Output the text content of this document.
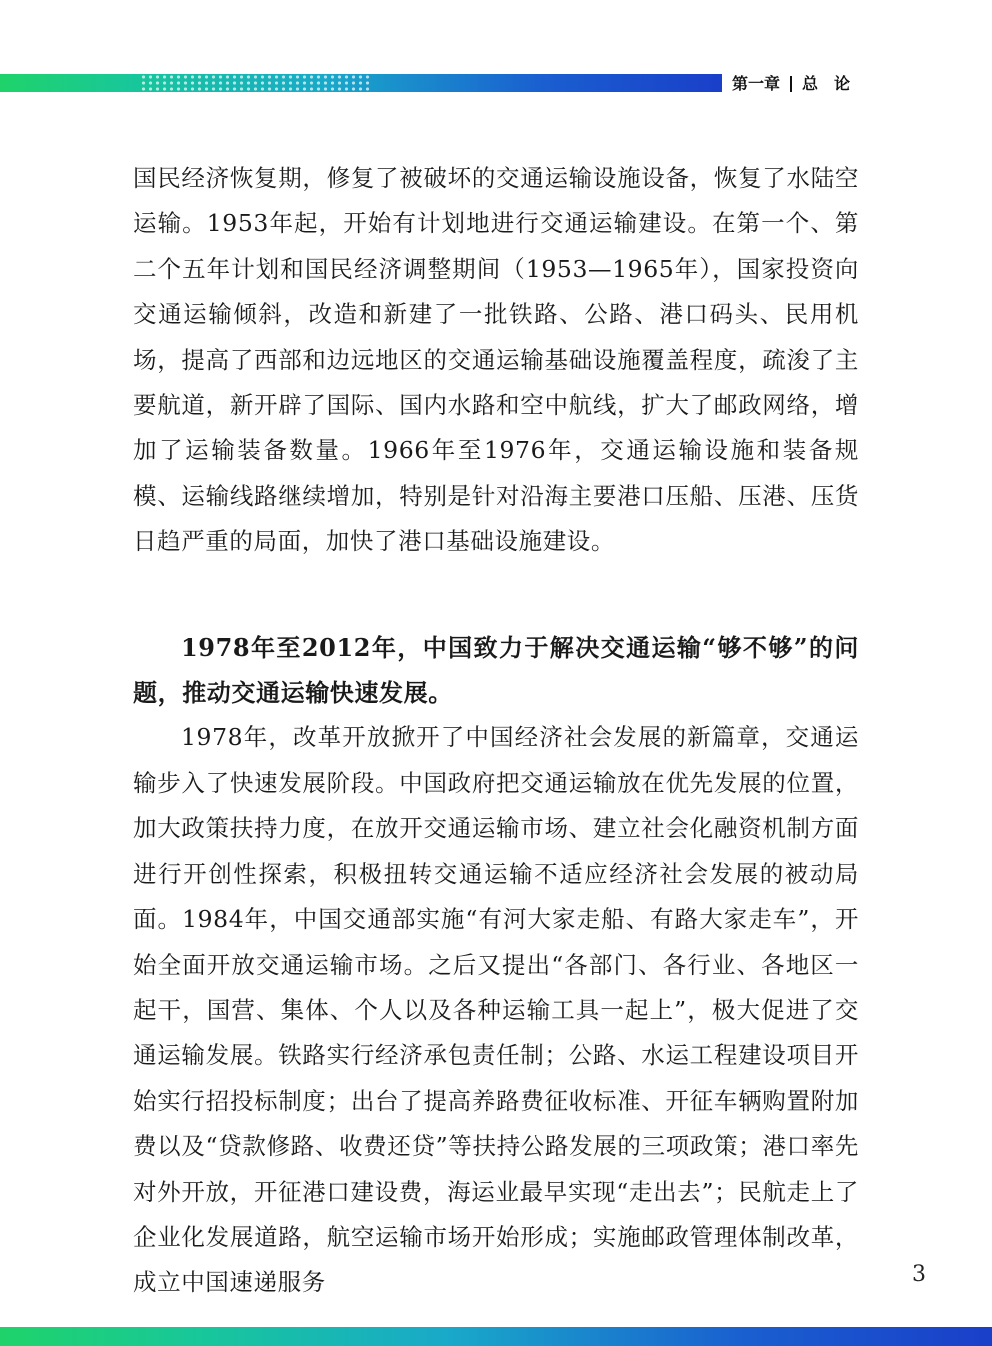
第一章 总　论

国民经济恢复期，修复了被破坏的交通运输设施设备，恢复了水陆空运输。1953年起，开始有计划地进行交通运输建设。在第一个、第二个五年计划和国民经济调整期间（1953—1965年），国家投资向交通运输倾斜，改造和新建了一批铁路、公路、港口码头、民用机场，提高了西部和边远地区的交通运输基础设施覆盖程度，疏浚了主要航道，新开辟了国际、国内水路和空中航线，扩大了邮政网络，增加了运输装备数量。1966年至1976年，交通运输设施和装备规模、运输线路继续增加，特别是针对沿海主要港口压船、压港、压货日趋严重的局面，加快了港口基础设施建设。

1978年至2012年，中国致力于解决交通运输“够不够”的问题，推动交通运输快速发展。

1978年，改革开放掀开了中国经济社会发展的新篇章，交通运输步入了快速发展阶段。中国政府把交通运输放在优先发展的位置，加大政策扶持力度，在放开交通运输市场、建立社会化融资机制方面进行开创性探索，积极扭转交通运输不适应经济社会发展的被动局面。1984年，中国交通部实施“有河大家走船、有路大家走车”，开始全面开放交通运输市场。之后又提出“各部门、各行业、各地区一起干，国营、集体、个人以及各种运输工具一起上”，极大促进了交通运输发展。铁路实行经济承包责任制；公路、水运工程建设项目开始实行招投标制度；出台了提高养路费征收标准、开征车辆购置附加费以及“贷款修路、收费还贷”等扶持公路发展的三项政策；港口率先对外开放，开征港口建设费，海运业最早实现“走出去”；民航走上了企业化发展道路，航空运输市场开始形成；实施邮政管理体制改革，成立中国速递服务	3
